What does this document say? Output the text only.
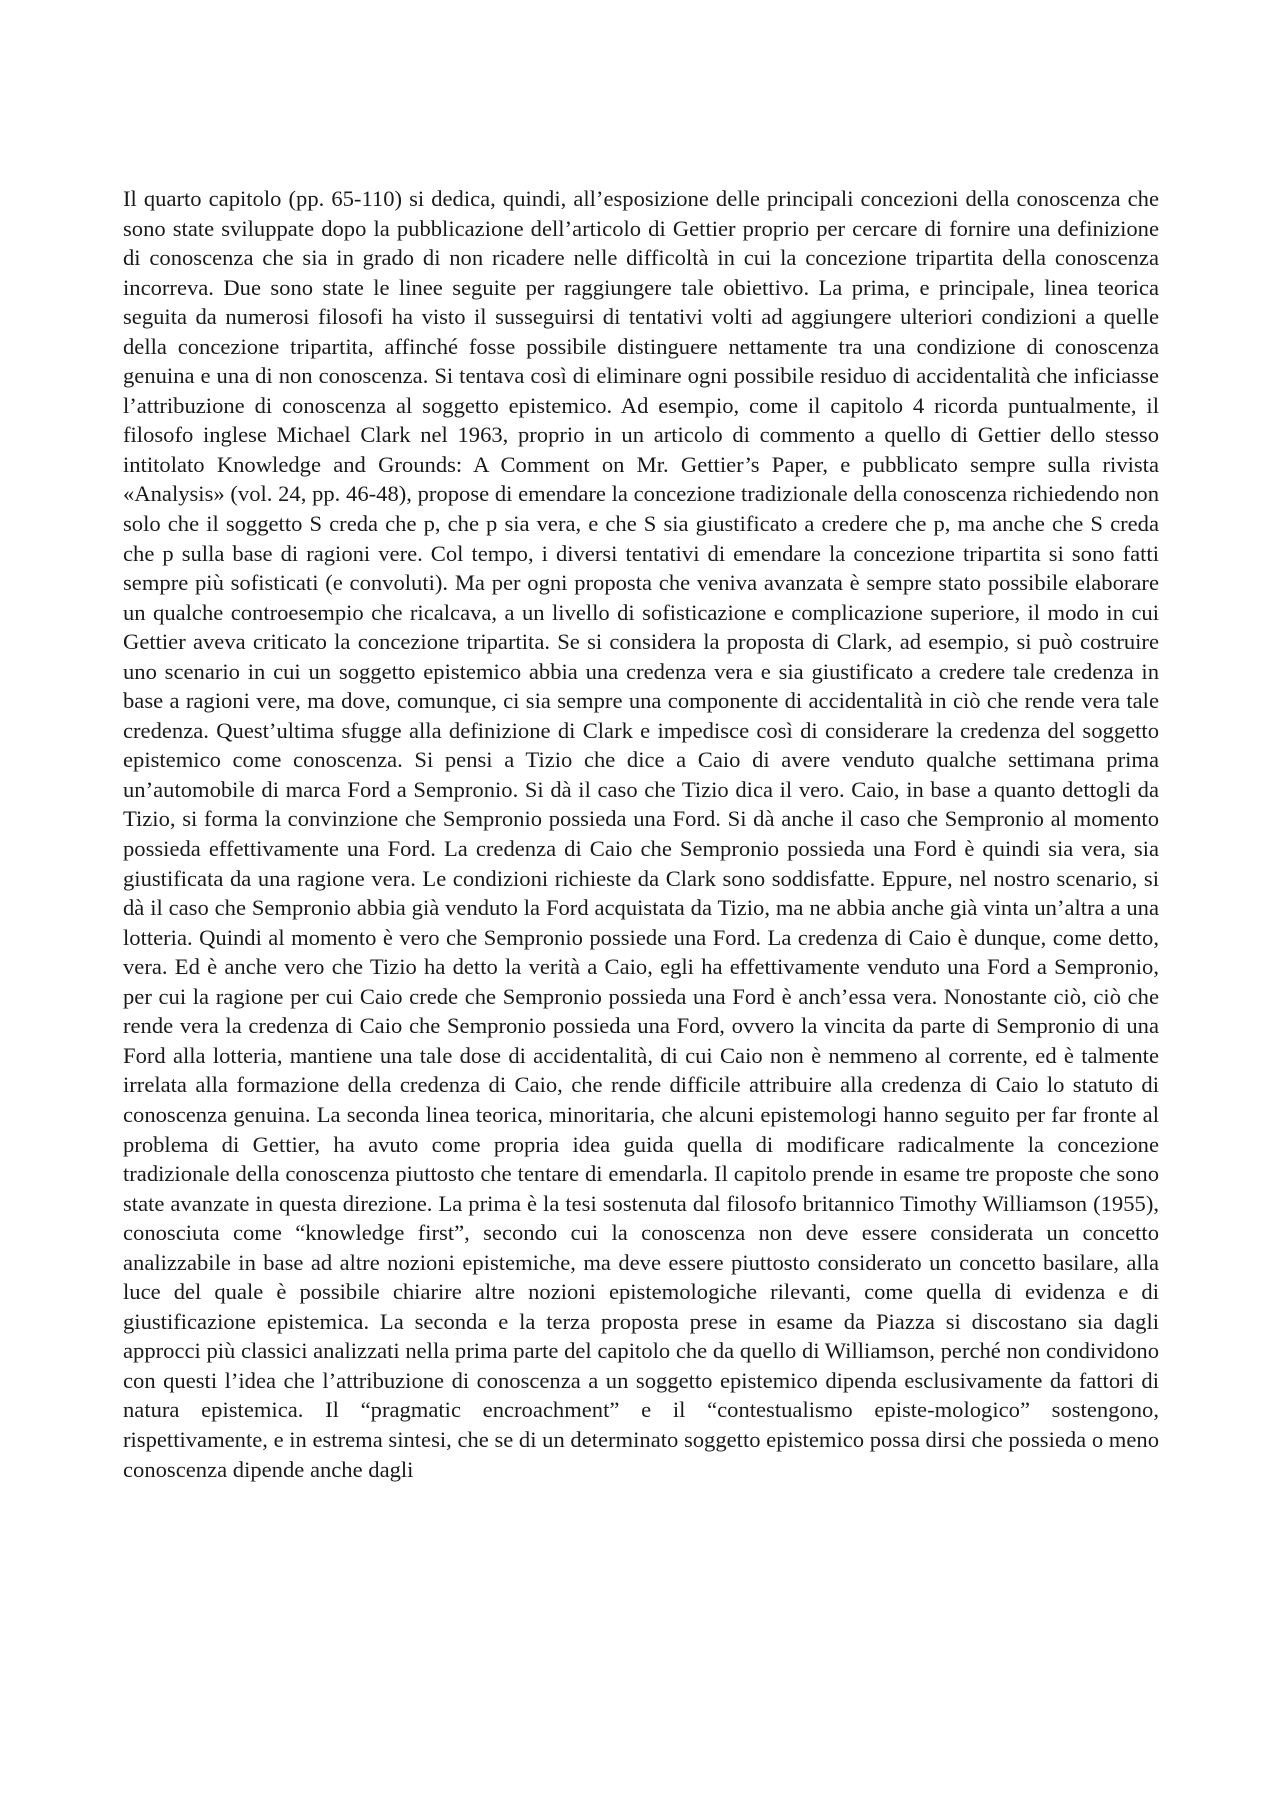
Il quarto capitolo (pp. 65-110) si dedica, quindi, all’esposizione delle principali concezioni della conoscenza che sono state sviluppate dopo la pubblicazione dell’articolo di Gettier proprio per cercare di fornire una definizione di conoscenza che sia in grado di non ricadere nelle difficoltà in cui la concezione tripartita della conoscenza incorreva. Due sono state le linee seguite per raggiungere tale obiettivo. La prima, e principale, linea teorica seguita da numerosi filosofi ha visto il susseguirsi di tentativi volti ad aggiungere ulteriori condizioni a quelle della concezione tripartita, affinché fosse possibile distinguere nettamente tra una condizione di conoscenza genuina e una di non conoscenza. Si tentava così di eliminare ogni possibile residuo di accidentalità che inficiasse l’attribuzione di conoscenza al soggetto epistemico. Ad esempio, come il capitolo 4 ricorda puntualmente, il filosofo inglese Michael Clark nel 1963, proprio in un articolo di commento a quello di Gettier dello stesso intitolato Knowledge and Grounds: A Comment on Mr. Gettier’s Paper, e pubblicato sempre sulla rivista «Analysis» (vol. 24, pp. 46-48), propose di emendare la concezione tradizionale della conoscenza richiedendo non solo che il soggetto S creda che p, che p sia vera, e che S sia giustificato a credere che p, ma anche che S creda che p sulla base di ragioni vere. Col tempo, i diversi tentativi di emendare la concezione tripartita si sono fatti sempre più sofisticati (e convoluti). Ma per ogni proposta che veniva avanzata è sempre stato possibile elaborare un qualche controesempio che ricalcava, a un livello di sofisticazione e complicazione superiore, il modo in cui Gettier aveva criticato la concezione tripartita. Se si considera la proposta di Clark, ad esempio, si può costruire uno scenario in cui un soggetto epistemico abbia una credenza vera e sia giustificato a credere tale credenza in base a ragioni vere, ma dove, comunque, ci sia sempre una componente di accidentalità in ciò che rende vera tale credenza. Quest’ultima sfugge alla definizione di Clark e impedisce così di considerare la credenza del soggetto epistemico come conoscenza. Si pensi a Tizio che dice a Caio di avere venduto qualche settimana prima un’automobile di marca Ford a Sempronio. Si dà il caso che Tizio dica il vero. Caio, in base a quanto dettogli da Tizio, si forma la convinzione che Sempronio possieda una Ford. Si dà anche il caso che Sempronio al momento possieda effettivamente una Ford. La credenza di Caio che Sempronio possieda una Ford è quindi sia vera, sia giustificata da una ragione vera. Le condizioni richieste da Clark sono soddisfatte. Eppure, nel nostro scenario, si dà il caso che Sempronio abbia già venduto la Ford acquistata da Tizio, ma ne abbia anche già vinta un’altra a una lotteria. Quindi al momento è vero che Sempronio possiede una Ford. La credenza di Caio è dunque, come detto, vera. Ed è anche vero che Tizio ha detto la verità a Caio, egli ha effettivamente venduto una Ford a Sempronio, per cui la ragione per cui Caio crede che Sempronio possieda una Ford è anch’essa vera. Nonostante ciò, ciò che rende vera la credenza di Caio che Sempronio possieda una Ford, ovvero la vincita da parte di Sempronio di una Ford alla lotteria, mantiene una tale dose di accidentalità, di cui Caio non è nemmeno al corrente, ed è talmente irrelata alla formazione della credenza di Caio, che rende difficile attribuire alla credenza di Caio lo statuto di conoscenza genuina. La seconda linea teorica, minoritaria, che alcuni epistemologi hanno seguito per far fronte al problema di Gettier, ha avuto come propria idea guida quella di modificare radicalmente la concezione tradizionale della conoscenza piuttosto che tentare di emendarla. Il capitolo prende in esame tre proposte che sono state avanzate in questa direzione. La prima è la tesi sostenuta dal filosofo britannico Timothy Williamson (1955), conosciuta come “knowledge first”, secondo cui la conoscenza non deve essere considerata un concetto analizzabile in base ad altre nozioni epistemiche, ma deve essere piuttosto considerato un concetto basilare, alla luce del quale è possibile chiarire altre nozioni epistemologiche rilevanti, come quella di evidenza e di giustificazione epistemica. La seconda e la terza proposta prese in esame da Piazza si discostano sia dagli approcci più classici analizzati nella prima parte del capitolo che da quello di Williamson, perché non condividono con questi l’idea che l’attribuzione di conoscenza a un soggetto epistemico dipenda esclusivamente da fattori di natura epistemica. Il “pragmatic encroachment” e il “contestualismo episte-mologico” sostengono, rispettivamente, e in estrema sintesi, che se di un determinato soggetto epistemico possa dirsi che possieda o meno conoscenza dipende anche dagli
